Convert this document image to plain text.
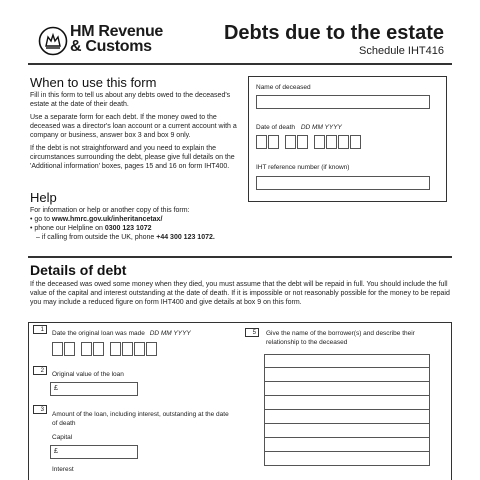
HM Revenue
& Customs
Debts due to the estate
Schedule IHT416
When to use this form
Fill in this form to tell us about any debts owed to the deceased's estate at the date of their death.
Use a separate form for each debt. If the money owed to the deceased was a director's loan account or a current account with a company or business, answer box 3 and box 9 only.
If the debt is not straightforward and you need to explain the circumstances surrounding the debt, please give full details on the 'Additional information' boxes, pages 15 and 16 on form IHT400.
Help
For information or help or another copy of this form:
• go to www.hmrc.gov.uk/inheritancetax/
• phone our Helpline on 0300 123 1072
– if calling from outside the UK, phone +44 300 123 1072.
Name of deceased
Date of death DD MM YYYY
IHT reference number (if known)
Details of debt
If the deceased was owed some money when they died, you must assume that the debt will be repaid in full. You should include the full value of the capital and interest outstanding at the date of death. If it is impossible or not reasonably possible for the money to be repaid you may include a reduced figure on form IHT400 and give details at box 9 on this form.
1	Date the original loan was made DD MM YYYY
2	Original value of the loan
£
3
Amount of the loan, including interest, outstanding at the date of death
Capital
£
Interest
5	Give the name of the borrower(s) and describe their relationship to the deceased
